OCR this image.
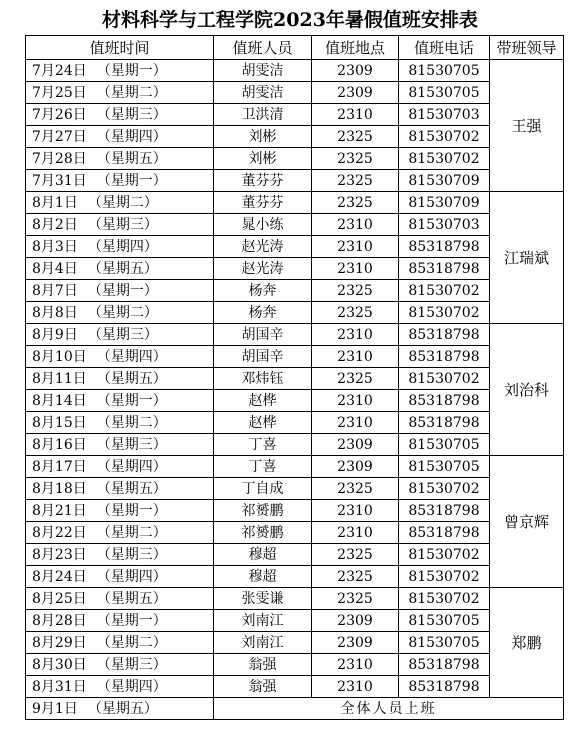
材料科学与工程学院2023年暑假值班安排表
值班时间	值班人员	值班地点	值班电话	带班领导
7月24日 （星期一）	胡雯洁	2309	81530705	王强
7月25日 （星期二）	胡雯洁	2309	81530705	
7月26日 （星期三）	卫洪清	2310	81530703	
7月27日 （星期四）	刘彬	2325	81530702	
7月28日 （星期五）	刘彬	2325	81530702	
7月31日 （星期一）	董芬芬	2325	81530709	
8月1日 （星期二）	董芬芬	2325	81530709	江瑞斌
8月2日 （星期三）	晁小练	2310	81530703	
8月3日 （星期四）	赵光涛	2310	85318798	
8月4日 （星期五）	赵光涛	2310	85318798	
8月7日 （星期一）	杨奔	2325	81530702	
8月8日 （星期二）	杨奔	2325	81530702	
8月9日 （星期三）	胡国辛	2310	85318798	刘治科
8月10日 （星期四）	胡国辛	2310	85318798	
8月11日 （星期五）	邓炜钰	2325	81530702	
8月14日 （星期一）	赵桦	2310	85318798	
8月15日 （星期二）	赵桦	2310	85318798	
8月16日 （星期三）	丁喜	2309	81530705	
8月17日 （星期四）	丁喜	2309	81530705	曾京辉
8月18日 （星期五）	丁自成	2325	81530702	
8月21日 （星期一）	祁赟鹏	2310	85318798	
8月22日 （星期二）	祁赟鹏	2310	85318798	
8月23日 （星期三）	穆超	2325	81530702	
8月24日 （星期四）	穆超	2325	81530702	
8月25日 （星期五）	张雯谦	2325	81530702	郑鹏
8月28日 （星期一）	刘南江	2309	81530705	
8月29日 （星期二）	刘南江	2309	81530705	
8月30日 （星期三）	翁强	2310	85318798	
8月31日 （星期四）	翁强	2310	85318798	
9月1日 （星期五）	全体人员上班			
